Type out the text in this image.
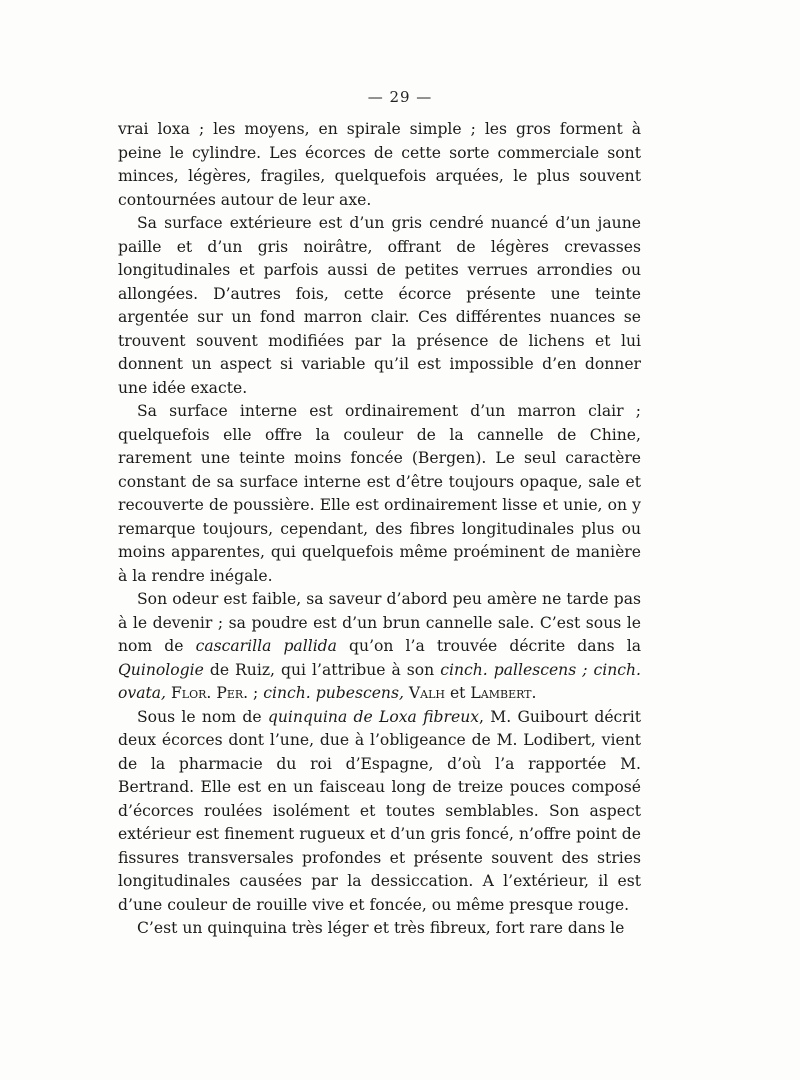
— 29 —

vrai loxa ; les moyens, en spirale simple ; les gros forment à peine le cylindre. Les écorces de cette sorte commerciale sont minces, légères, fragiles, quelquefois arquées, le plus souvent contournées autour de leur axe.

Sa surface extérieure est d’un gris cendré nuancé d’un jaune paille et d’un gris noirâtre, offrant de légères crevasses longitudinales et parfois aussi de petites verrues arrondies ou allongées. D’autres fois, cette écorce présente une teinte argentée sur un fond marron clair. Ces différentes nuances se trouvent souvent modifiées par la présence de lichens et lui donnent un aspect si variable qu’il est impossible d’en donner une idée exacte.

Sa surface interne est ordinairement d’un marron clair ; quelquefois elle offre la couleur de la cannelle de Chine, rarement une teinte moins foncée (Bergen). Le seul caractère constant de sa surface interne est d’être toujours opaque, sale et recouverte de poussière. Elle est ordinairement lisse et unie, on y remarque toujours, cependant, des fibres longitudinales plus ou moins apparentes, qui quelquefois même proéminent de manière à la rendre inégale.

Son odeur est faible, sa saveur d’abord peu amère ne tarde pas à le devenir ; sa poudre est d’un brun cannelle sale. C’est sous le nom de cascarilla pallida qu’on l’a trouvée décrite dans la Quinologie de Ruiz, qui l’attribue à son cinch. pallescens ; cinch. ovata, Flor. Per. ; cinch. pubescens, Valh et Lambert.

Sous le nom de quinquina de Loxa fibreux, M. Guibourt décrit deux écorces dont l’une, due à l’obligeance de M. Lodibert, vient de la pharmacie du roi d’Espagne, d’où l’a rapportée M. Bertrand. Elle est en un faisceau long de treize pouces composé d’écorces roulées isolément et toutes semblables. Son aspect extérieur est finement rugueux et d’un gris foncé, n’offre point de fissures transversales profondes et présente souvent des stries longitudinales causées par la dessiccation. A l’extérieur, il est d’une couleur de rouille vive et foncée, ou même presque rouge.

C’est un quinquina très léger et très fibreux, fort rare dans le
